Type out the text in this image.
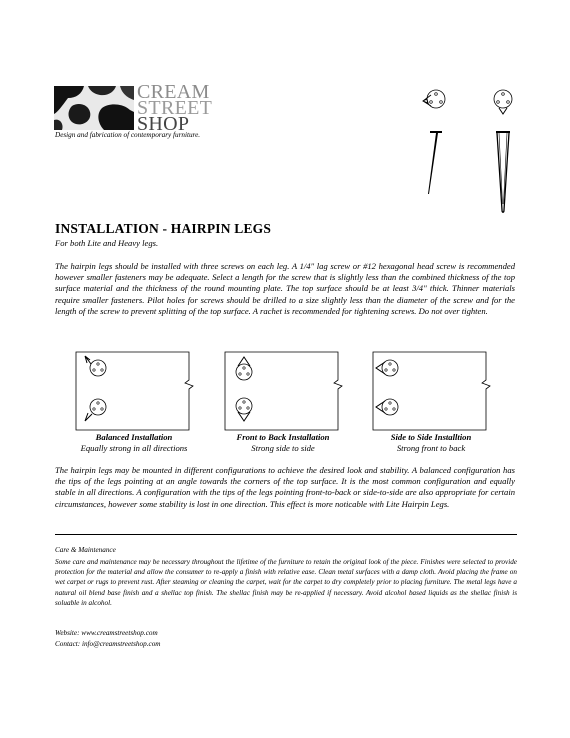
CREAM
STREET
SHOP
Design and fabrication of contemporary furniture.
INSTALLATION - HAIRPIN LEGS
For both Lite and Heavy legs.

The hairpin legs should be installed with three screws on each leg. A 1/4" lag screw or #12 hexagonal head screw is recommended however smaller fasteners may be adequate. Select a length for the screw that is slightly less than the combined thickness of the top surface material and the thickness of the round mounting plate. The top surface should be at least 3/4" thick. Thinner materials require smaller fasteners. Pilot holes for screws should be drilled to a size slightly less than the diameter of the screw and for the length of the screw to prevent splitting of the top surface. A rachet is recommended for tightening screws. Do not over tighten.

Balanced Installation
Equally strong in all directions
Front to Back Installation
Strong side to side
Side to Side Installtion
Strong front to back

The hairpin legs may be mounted in different configurations to achieve the desired look and stability. A balanced configuration has the tips of the legs pointing at an angle towards the corners of the top surface. It is the most common configuration and equally stable in all directions. A configuration with the tips of the legs pointing front-to-back or side-to-side are also appropriate for certain circumstances, however some stability is lost in one direction. This effect is more noticable with Lite Hairpin Legs.

Care & Maintenance

Some care and maintenance may be necessary throughout the lifetime of the furniture to retain the original look of the piece. Finishes were selected to provide protection for the material and allow the consumer to re-apply a finish with relative ease. Clean metal surfaces with a damp cloth. Avoid placing the frame on wet carpet or rugs to prevent rust. After steaming or cleaning the carpet, wait for the carpet to dry completely prior to placing furniture. The metal legs have a natural oil blend base finish and a shellac top finish. The shellac finish may be re-applied if necessary. Avoid alcohol based liquids as the shellac finish is soluable in alcohol.

Website: www.creamstreetshop.com
Contact: info@creamstreetshop.com
